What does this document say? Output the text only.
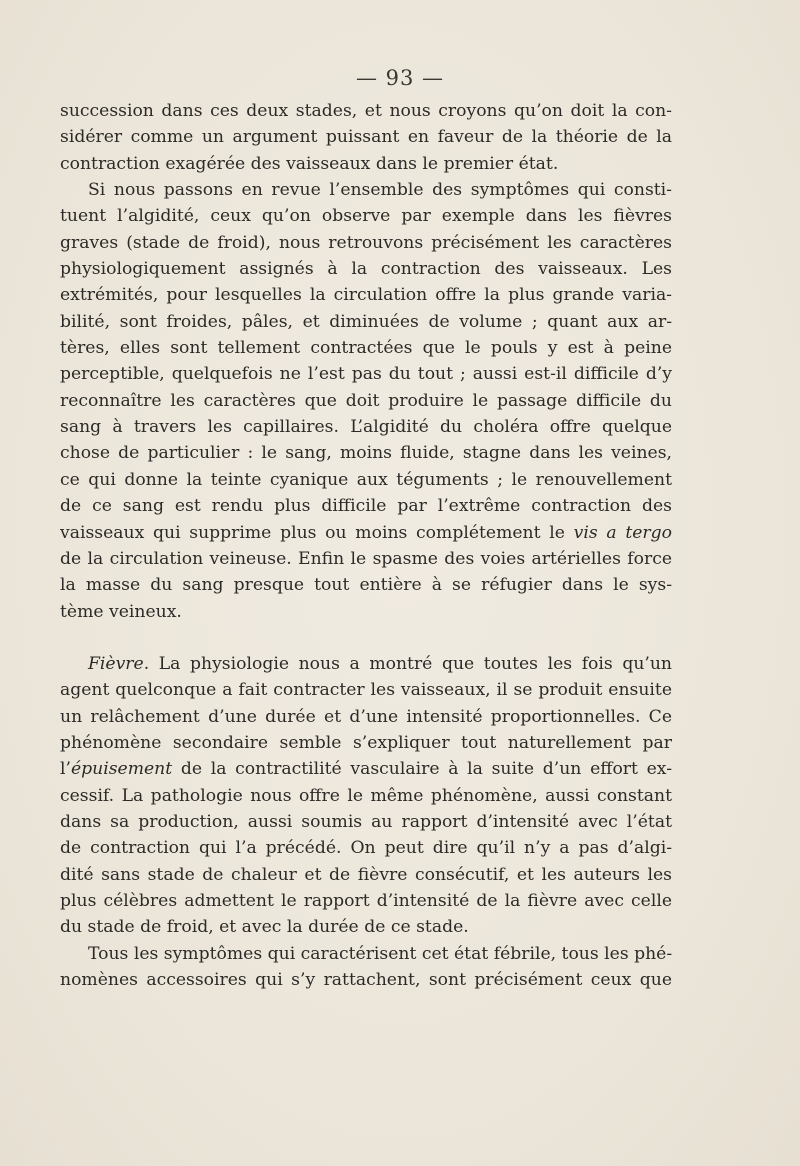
— 93 —
succession dans ces deux stades, et nous croyons qu’on doit la con-
sidérer comme un argument puissant en faveur de la théorie de la
contraction exagérée des vaisseaux dans le premier état.
Si nous passons en revue l’ensemble des symptômes qui consti-
tuent l’algidité, ceux qu’on observe par exemple dans les fièvres
graves (stade de froid), nous retrouvons précisément les caractères
physiologiquement assignés à la contraction des vaisseaux. Les
extrémités, pour lesquelles la circulation offre la plus grande varia-
bilité, sont froides, pâles, et diminuées de volume ; quant aux ar-
tères, elles sont tellement contractées que le pouls y est à peine
perceptible, quelquefois ne l’est pas du tout ; aussi est-il difficile d’y
reconnaître les caractères que doit produire le passage difficile du
sang à travers les capillaires. L’algidité du choléra offre quelque
chose de particulier : le sang, moins fluide, stagne dans les veines,
ce qui donne la teinte cyanique aux téguments ; le renouvellement
de ce sang est rendu plus difficile par l’extrême contraction des
vaisseaux qui supprime plus ou moins complétement le vis a tergo
de la circulation veineuse. Enfin le spasme des voies artérielles force
la masse du sang presque tout entière à se réfugier dans le sys-
tème veineux.
Fièvre. La physiologie nous a montré que toutes les fois qu’un
agent quelconque a fait contracter les vaisseaux, il se produit ensuite
un relâchement d’une durée et d’une intensité proportionnelles. Ce
phénomène secondaire semble s’expliquer tout naturellement par
l’épuisement de la contractilité vasculaire à la suite d’un effort ex-
cessif. La pathologie nous offre le même phénomène, aussi constant
dans sa production, aussi soumis au rapport d’intensité avec l’état
de contraction qui l’a précédé. On peut dire qu’il n’y a pas d’algi-
dité sans stade de chaleur et de fièvre consécutif, et les auteurs les
plus célèbres admettent le rapport d’intensité de la fièvre avec celle
du stade de froid, et avec la durée de ce stade.
Tous les symptômes qui caractérisent cet état fébrile, tous les phé-
nomènes accessoires qui s’y rattachent, sont précisément ceux que
